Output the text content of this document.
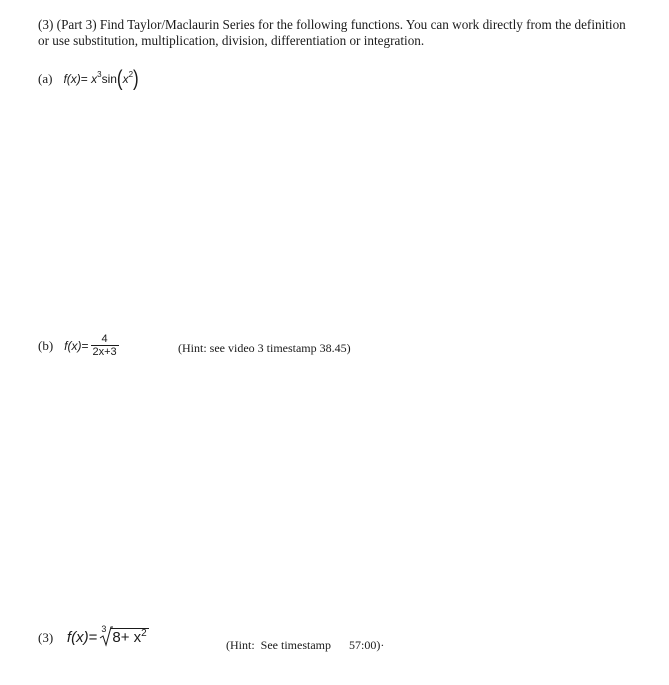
(3) (Part 3) Find Taylor/Maclaurin Series for the following functions. You can work directly from the definition or use substitution, multiplication, division, differentiation or integration.
(a) $f(x)= x^3\sin(x^2)$
(b) $f(x)= \frac{4}{2x+3}$	(Hint: see video 3 timestamp 38.45)
(3) f(x)= 3 $8+ x^2$
(Hint:  See timestamp      57:00)·
